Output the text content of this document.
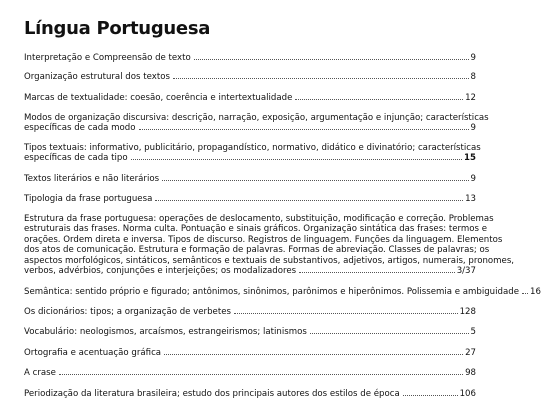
Língua Portuguesa
Interpretação e Compreensão de texto	9
Organização estrutural dos textos	8
Marcas de textualidade: coesão, coerência e intertextualidade	12
Modos de organização discursiva: descrição, narração, exposição, argumentação e injunção; características
específicas de cada modo	9
Tipos textuais: informativo, publicitário, propagandístico, normativo, didático e divinatório; características
específicas de cada tipo	15
Textos literários e não literários	9
Tipologia da frase portuguesa	13
Estrutura da frase portuguesa: operações de deslocamento, substituição, modificação e correção. Problemas
estruturais das frases. Norma culta. Pontuação e sinais gráficos. Organização sintática das frases: termos e
orações. Ordem direta e inversa. Tipos de discurso. Registros de linguagem. Funções da linguagem. Elementos
dos atos de comunicação. Estrutura e formação de palavras. Formas de abreviação. Classes de palavras; os
aspectos morfológicos, sintáticos, semânticos e textuais de substantivos, adjetivos, artigos, numerais, pronomes,
verbos, advérbios, conjunções e interjeições; os modalizadores	3/37
Semântica: sentido próprio e figurado; antônimos, sinônimos, parônimos e hiperônimos. Polissemia e ambiguidade 16
Os dicionários: tipos; a organização de verbetes	128
Vocabulário: neologismos, arcaísmos, estrangeirismos; latinismos	5
Ortografia e acentuação gráfica	27
A crase	98
Periodização da literatura brasileira; estudo dos principais autores dos estilos de época	106
